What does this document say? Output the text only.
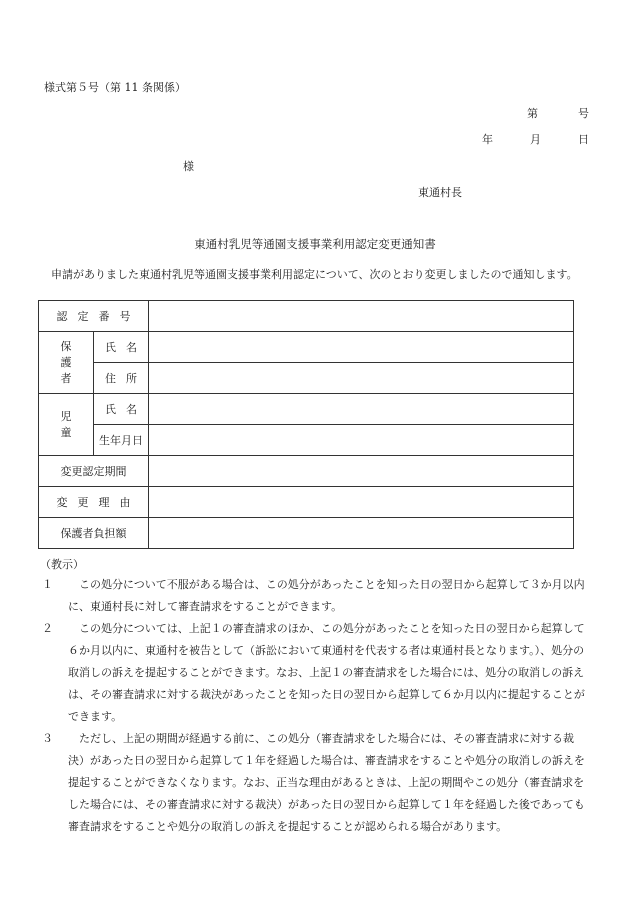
様式第５号（第 11 条関係）
第	号
年	月	日
様
東通村長
東通村乳児等通園支援事業利用認定変更通知書
申請がありました東通村乳児等通園支援事業利用認定について、次のとおり変更しましたので通知します。
認定番号		
保護者	氏名	
	住所	
児童	氏名	
	生年月日	
変更認定期間		
変更理由		
保護者負担額		
（教示）
１	この処分について不服がある場合は、この処分があったことを知った日の翌日から起算して３か月以内に、東通村長に対して審査請求をすることができます。
２	この処分については、上記１の審査請求のほか、この処分があったことを知った日の翌日から起算して６か月以内に、東通村を被告として（訴訟において東通村を代表する者は東通村長となります。）、処分の取消しの訴えを提起することができます。なお、上記１の審査請求をした場合には、処分の取消しの訴えは、その審査請求に対する裁決があったことを知った日の翌日から起算して６か月以内に提起することができます。
３	ただし、上記の期間が経過する前に、この処分（審査請求をした場合には、その審査請求に対する裁決）があった日の翌日から起算して１年を経過した場合は、審査請求をすることや処分の取消しの訴えを提起することができなくなります。なお、正当な理由があるときは、上記の期間やこの処分（審査請求をした場合には、その審査請求に対する裁決）があった日の翌日から起算して１年を経過した後であっても審査請求をすることや処分の取消しの訴えを提起することが認められる場合があります。
